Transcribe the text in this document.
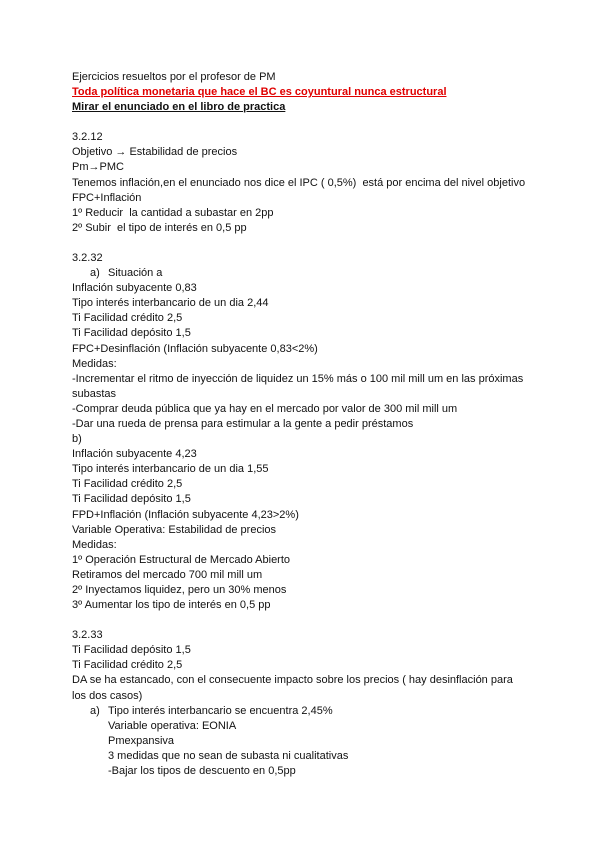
Ejercicios resueltos por el profesor de PM
Toda política monetaria que hace el BC es coyuntural nunca estructural
Mirar el enunciado en el libro de practica
3.2.12
Objetivo → Estabilidad de precios
Pm→PMC
Tenemos inflación,en el enunciado nos dice el IPC ( 0,5%)  está por encima del nivel objetivo
FPC+Inflación
1º Reducir  la cantidad a subastar en 2pp
2º Subir  el tipo de interés en 0,5 pp
3.2.32
a) Situación a
Inflación subyacente 0,83
Tipo interés interbancario de un dia 2,44
Ti Facilidad crédito 2,5
Ti Facilidad depósito 1,5
FPC+Desinflación (Inflación subyacente 0,83<2%)
Medidas:
-Incrementar el ritmo de inyección de liquidez un 15% más o 100 mil mill um en las próximas subastas
-Comprar deuda pública que ya hay en el mercado por valor de 300 mil mill um
-Dar una rueda de prensa para estimular a la gente a pedir préstamos
b)
Inflación subyacente 4,23
Tipo interés interbancario de un dia 1,55
Ti Facilidad crédito 2,5
Ti Facilidad depósito 1,5
FPD+Inflación (Inflación subyacente 4,23>2%)
Variable Operativa: Estabilidad de precios
Medidas:
1º Operación Estructural de Mercado Abierto
Retiramos del mercado 700 mil mill um
2º Inyectamos liquidez, pero un 30% menos
3º Aumentar los tipo de interés en 0,5 pp
3.2.33
Ti Facilidad depósito 1,5
Ti Facilidad crédito 2,5
DA se ha estancado, con el consecuente impacto sobre los precios ( hay desinflación para los dos casos)
a) Tipo interés interbancario se encuentra 2,45%
Variable operativa: EONIA
Pmexpansiva
3 medidas que no sean de subasta ni cualitativas
-Bajar los tipos de descuento en 0,5pp
